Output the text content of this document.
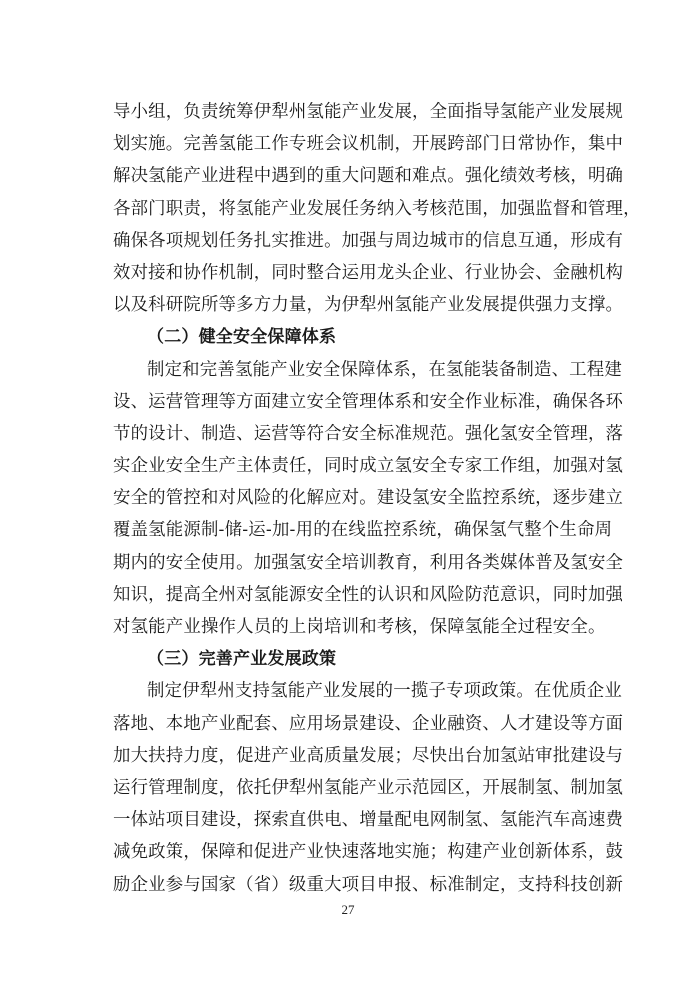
导小组，负责统筹伊犁州氢能产业发展，全面指导氢能产业发展规
划实施。完善氢能工作专班会议机制，开展跨部门日常协作，集中
解决氢能产业进程中遇到的重大问题和难点。强化绩效考核，明确
各部门职责，将氢能产业发展任务纳入考核范围，加强监督和管理，
确保各项规划任务扎实推进。加强与周边城市的信息互通，形成有
效对接和协作机制，同时整合运用龙头企业、行业协会、金融机构
以及科研院所等多方力量，为伊犁州氢能产业发展提供强力支撑。
（二）健全安全保障体系
制定和完善氢能产业安全保障体系，在氢能装备制造、工程建
设、运营管理等方面建立安全管理体系和安全作业标准，确保各环
节的设计、制造、运营等符合安全标准规范。强化氢安全管理，落
实企业安全生产主体责任，同时成立氢安全专家工作组，加强对氢
安全的管控和对风险的化解应对。建设氢安全监控系统，逐步建立
覆盖氢能源制-储-运-加-用的在线监控系统，确保氢气整个生命周
期内的安全使用。加强氢安全培训教育，利用各类媒体普及氢安全
知识，提高全州对氢能源安全性的认识和风险防范意识，同时加强
对氢能产业操作人员的上岗培训和考核，保障氢能全过程安全。
（三）完善产业发展政策
制定伊犁州支持氢能产业发展的一揽子专项政策。在优质企业
落地、本地产业配套、应用场景建设、企业融资、人才建设等方面
加大扶持力度，促进产业高质量发展；尽快出台加氢站审批建设与
运行管理制度，依托伊犁州氢能产业示范园区，开展制氢、制加氢
一体站项目建设，探索直供电、增量配电网制氢、氢能汽车高速费
减免政策，保障和促进产业快速落地实施；构建产业创新体系，鼓
励企业参与国家（省）级重大项目申报、标准制定，支持科技创新
27
